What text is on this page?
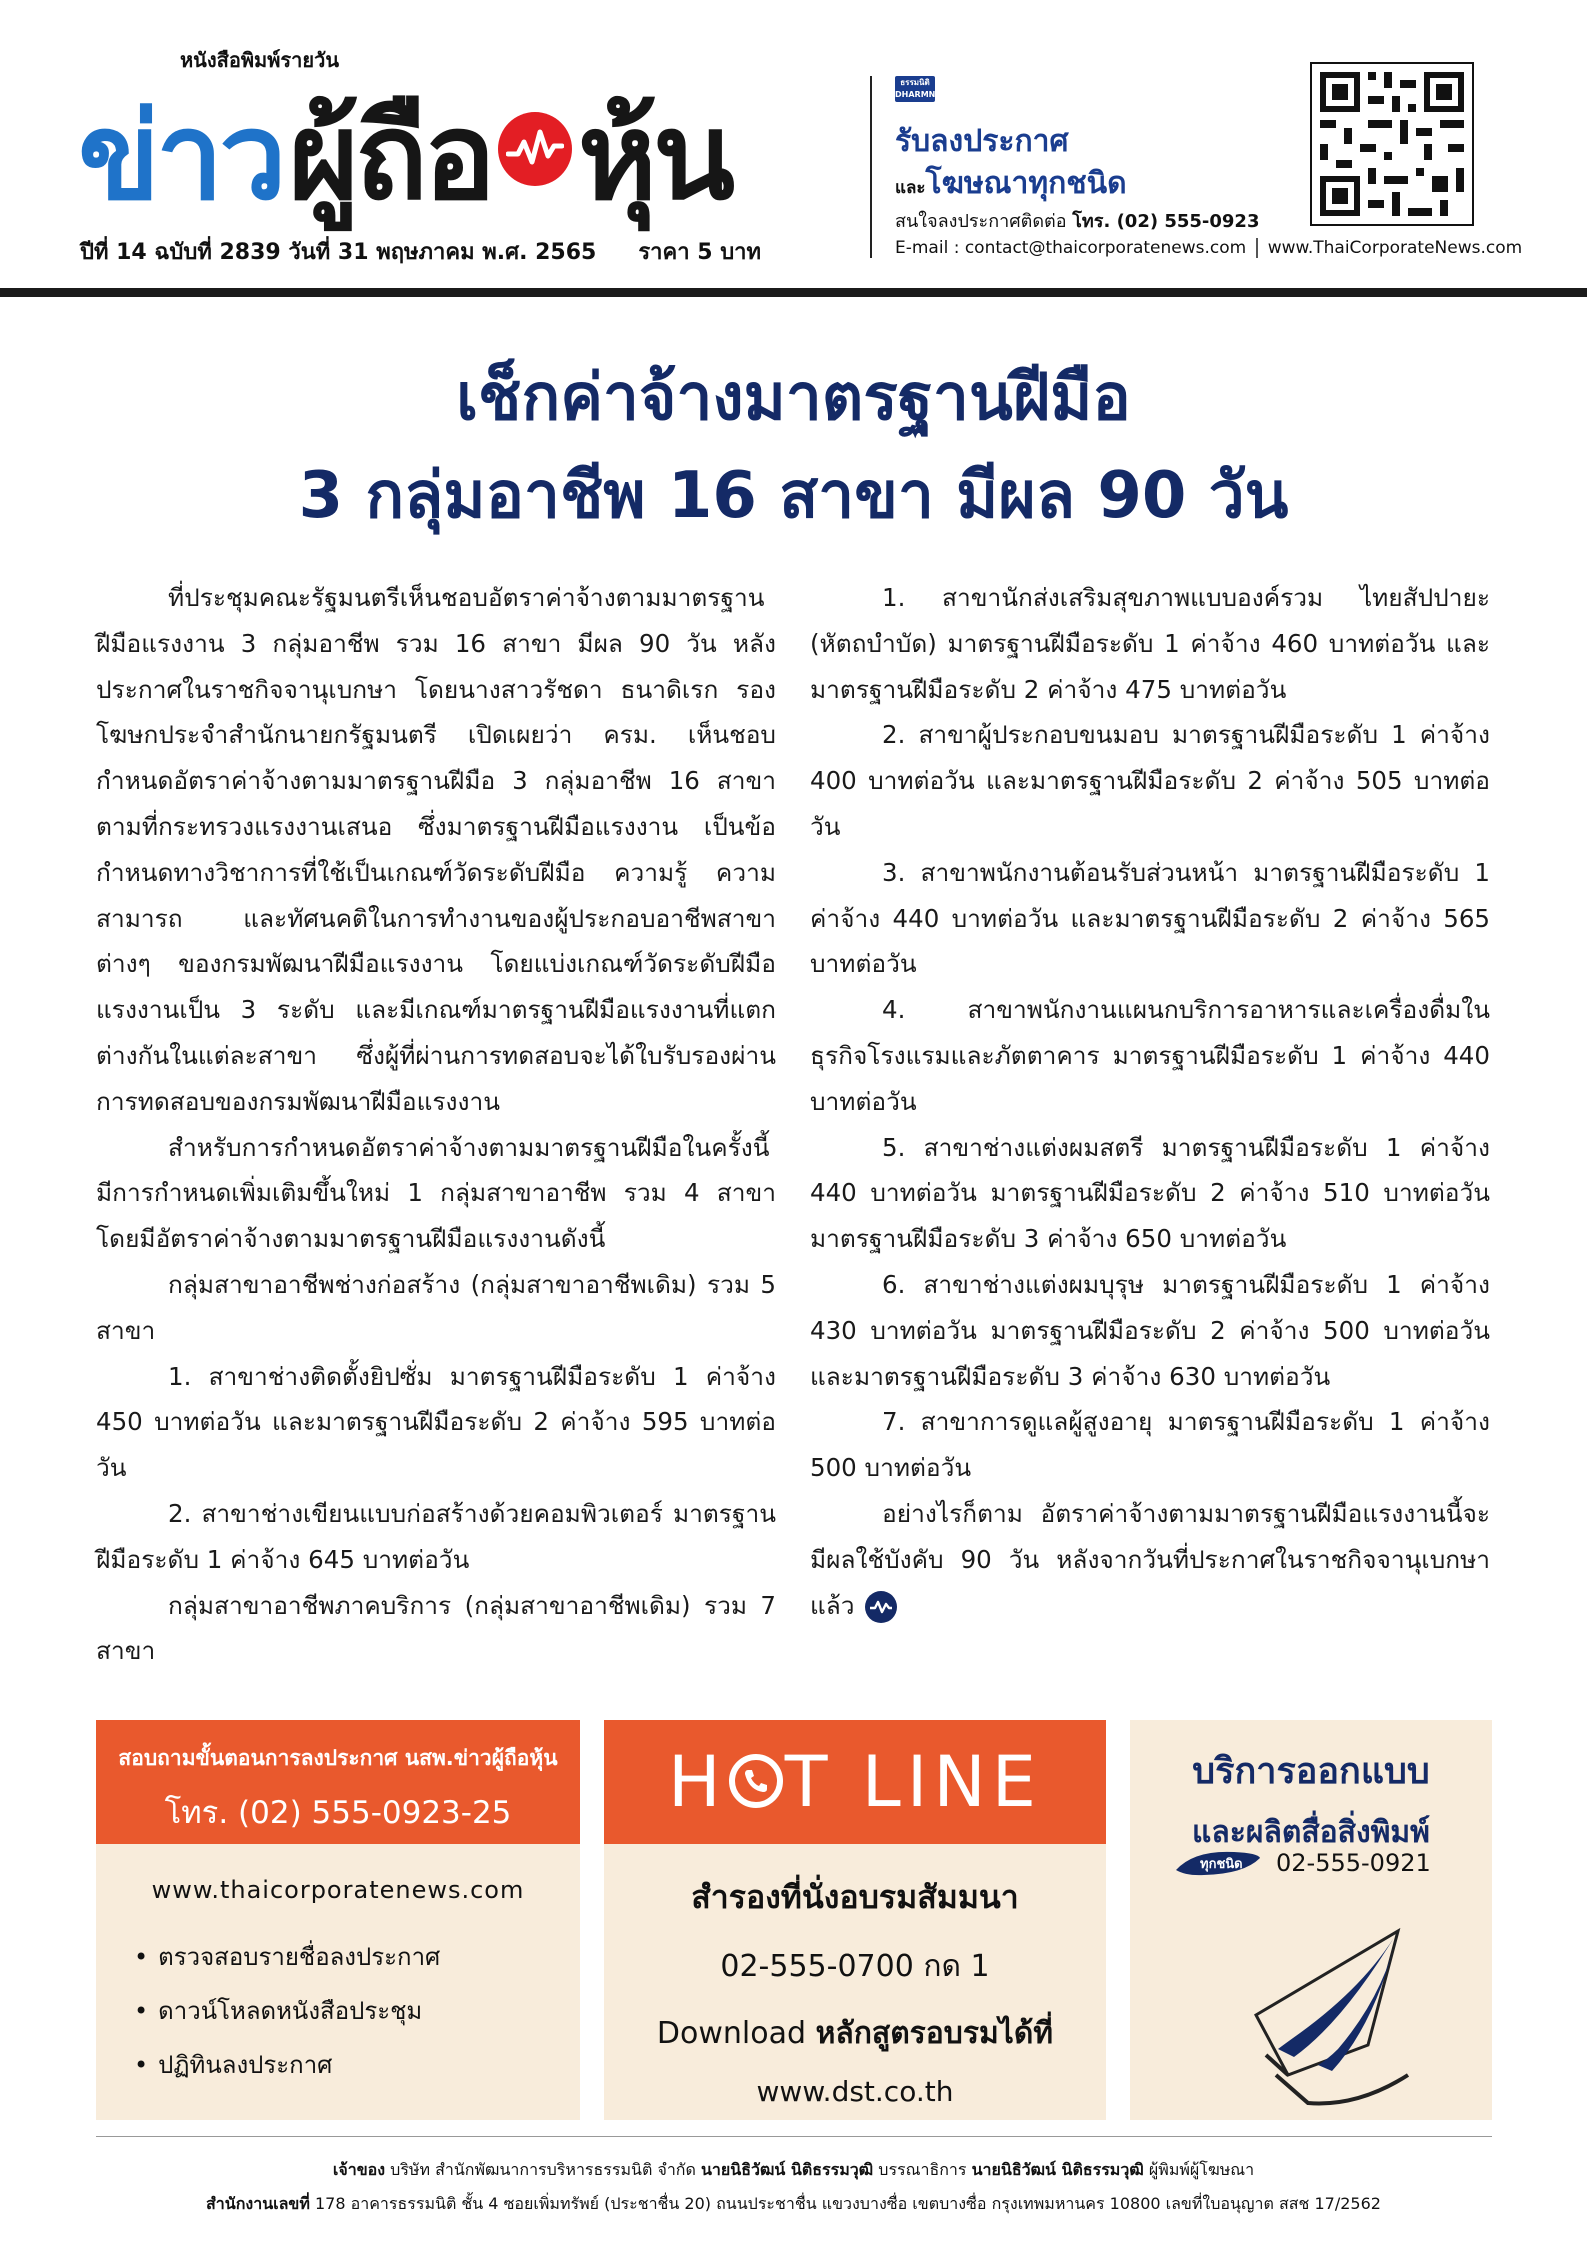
หนังสือพิมพ์รายวัน
ข่าว ผู้ถือ หุ้น
ปีที่ 14 ฉบับที่ 2839 วันที่ 31 พฤษภาคม พ.ศ. 2565 ราคา 5 บาท
ธรรมนิติ DHARMNITI
รับลงประกาศ
และโฆษณาทุกชนิด
สนใจลงประกาศติดต่อ โทร. (02) 555-0923
E-mail : contact@thaicorporatenews.com www.ThaiCorporateNews.com
เช็กค่าจ้างมาตรฐานฝีมือ
3 กลุ่มอาชีพ 16 สาขา มีผล 90 วัน

ที่ประชุมคณะรัฐมนตรีเห็นชอบอัตราค่าจ้างตามมาตรฐานฝีมือแรงงาน 3 กลุ่มอาชีพ รวม 16 สาขา มีผล 90 วัน หลังประกาศในราชกิจจานุเบกษา โดยนางสาวรัชดา ธนาดิเรก รองโฆษกประจำสำนักนายกรัฐมนตรี เปิดเผยว่า ครม. เห็นชอบกำหนดอัตราค่าจ้างตามมาตรฐานฝีมือ 3 กลุ่มอาชีพ 16 สาขา ตามที่กระทรวงแรงงานเสนอ ซึ่งมาตรฐานฝีมือแรงงาน เป็นข้อกำหนดทางวิชาการที่ใช้เป็นเกณฑ์วัดระดับฝีมือ ความรู้ ความสามารถ และทัศนคติในการทำงานของผู้ประกอบอาชีพสาขาต่างๆ ของกรมพัฒนาฝีมือแรงงาน โดยแบ่งเกณฑ์วัดระดับฝีมือแรงงานเป็น 3 ระดับ และมีเกณฑ์มาตรฐานฝีมือแรงงานที่แตกต่างกันในแต่ละสาขา ซึ่งผู้ที่ผ่านการทดสอบจะได้ใบรับรองผ่านการทดสอบของกรมพัฒนาฝีมือแรงงาน

สำหรับการกำหนดอัตราค่าจ้างตามมาตรฐานฝีมือในครั้งนี้ มีการกำหนดเพิ่มเติมขึ้นใหม่ 1 กลุ่มสาขาอาชีพ รวม 4 สาขา โดยมีอัตราค่าจ้างตามมาตรฐานฝีมือแรงงานดังนี้

กลุ่มสาขาอาชีพช่างก่อสร้าง (กลุ่มสาขาอาชีพเดิม) รวม 5 สาขา

1. สาขาช่างติดตั้งยิปซั่ม มาตรฐานฝีมือระดับ 1 ค่าจ้าง 450 บาทต่อวัน และมาตรฐานฝีมือระดับ 2 ค่าจ้าง 595 บาทต่อวัน

2. สาขาช่างเขียนแบบก่อสร้างด้วยคอมพิวเตอร์ มาตรฐานฝีมือระดับ 1 ค่าจ้าง 645 บาทต่อวัน

กลุ่มสาขาอาชีพภาคบริการ (กลุ่มสาขาอาชีพเดิม) รวม 7 สาขา

1. สาขานักส่งเสริมสุขภาพแบบองค์รวม ไทยสัปปายะ (หัตถบำบัด) มาตรฐานฝีมือระดับ 1 ค่าจ้าง 460 บาทต่อวัน และมาตรฐานฝีมือระดับ 2 ค่าจ้าง 475 บาทต่อวัน

2. สาขาผู้ประกอบขนมอบ มาตรฐานฝีมือระดับ 1 ค่าจ้าง 400 บาทต่อวัน และมาตรฐานฝีมือระดับ 2 ค่าจ้าง 505 บาทต่อวัน

3. สาขาพนักงานต้อนรับส่วนหน้า มาตรฐานฝีมือระดับ 1 ค่าจ้าง 440 บาทต่อวัน และมาตรฐานฝีมือระดับ 2 ค่าจ้าง 565 บาทต่อวัน

4. สาขาพนักงานแผนกบริการอาหารและเครื่องดื่มในธุรกิจโรงแรมและภัตตาคาร มาตรฐานฝีมือระดับ 1 ค่าจ้าง 440 บาทต่อวัน

5. สาขาช่างแต่งผมสตรี มาตรฐานฝีมือระดับ 1 ค่าจ้าง 440 บาทต่อวัน มาตรฐานฝีมือระดับ 2 ค่าจ้าง 510 บาทต่อวัน มาตรฐานฝีมือระดับ 3 ค่าจ้าง 650 บาทต่อวัน

6. สาขาช่างแต่งผมบุรุษ มาตรฐานฝีมือระดับ 1 ค่าจ้าง 430 บาทต่อวัน มาตรฐานฝีมือระดับ 2 ค่าจ้าง 500 บาทต่อวัน และมาตรฐานฝีมือระดับ 3 ค่าจ้าง 630 บาทต่อวัน

7. สาขาการดูแลผู้สูงอายุ มาตรฐานฝีมือระดับ 1 ค่าจ้าง 500 บาทต่อวัน

อย่างไรก็ตาม อัตราค่าจ้างตามมาตรฐานฝีมือแรงงานนี้จะมีผลใช้บังคับ 90 วัน หลังจากวันที่ประกาศในราชกิจจานุเบกษาแล้ว

สอบถามขั้นตอนการลงประกาศ นสพ.ข่าวผู้ถือหุ้น
โทร. (02) 555-0923-25
www.thaicorporatenews.com
• ตรวจสอบรายชื่อลงประกาศ
• ดาวน์โหลดหนังสือประชุม
• ปฏิทินลงประกาศ
H T LINE
สำรองที่นั่งอบรมสัมมนา
02-555-0700 กด 1
Download หลักสูตรอบรมได้ที่
www.dst.co.th
บริการออกแบบ
และผลิตสื่อสิ่งพิมพ์
ทุกชนิด 02-555-0921
เจ้าของ บริษัท สำนักพัฒนาการบริหารธรรมนิติ จำกัด นายนิธิวัฒน์ นิติธรรมวุฒิ บรรณาธิการ นายนิธิวัฒน์ นิติธรรมวุฒิ ผู้พิมพ์ผู้โฆษณา
สำนักงานเลขที่ 178 อาคารธรรมนิติ ชั้น 4 ซอยเพิ่มทรัพย์ (ประชาชื่น 20) ถนนประชาชื่น แขวงบางซื่อ เขตบางซื่อ กรุงเทพมหานคร 10800 เลขที่ใบอนุญาต สสช 17/2562
